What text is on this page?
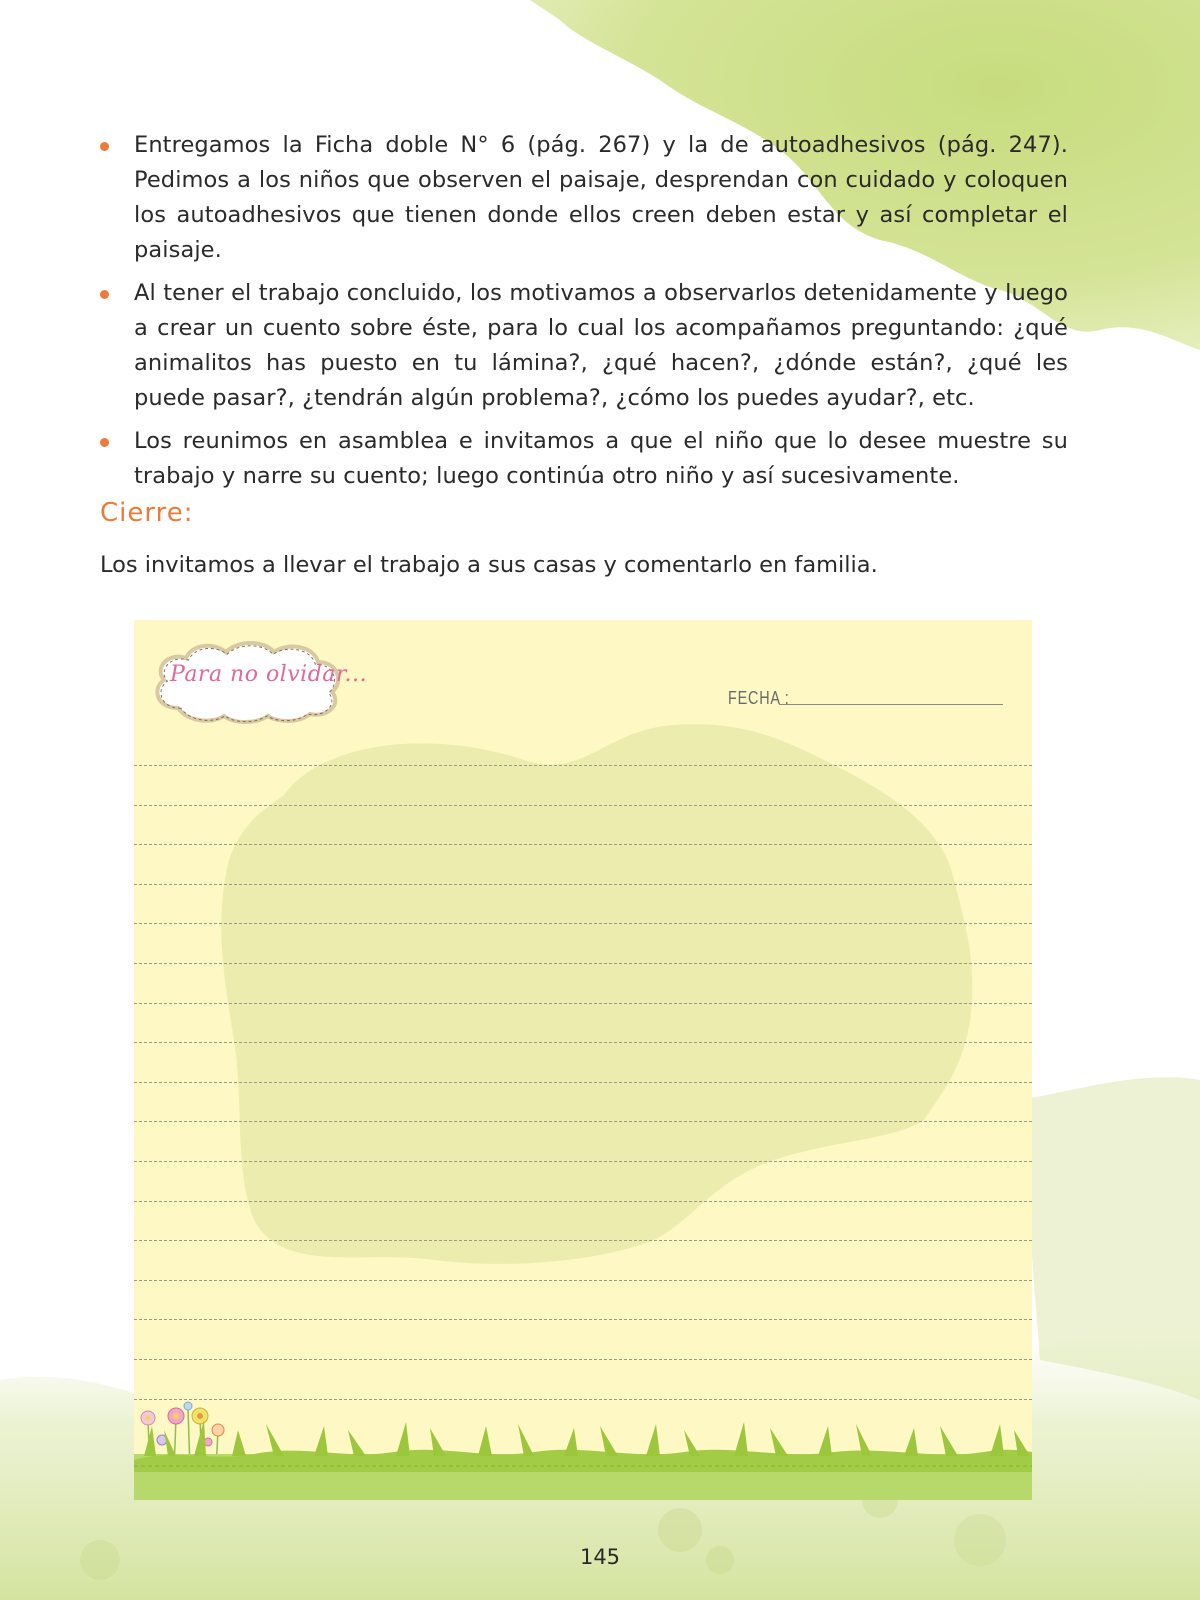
Entregamos la Ficha doble N° 6 (pág. 267) y la de autoadhesivos (pág. 247). Pedimos a los niños que observen el paisaje, desprendan con cuidado y coloquen los autoadhesivos que tienen donde ellos creen deben estar y así completar el paisaje.
Al tener el trabajo concluido, los motivamos a observarlos detenidamente y luego a crear un cuento sobre éste, para lo cual los acompañamos preguntando: ¿qué animalitos has puesto en tu lámina?, ¿qué hacen?, ¿dónde están?, ¿qué les puede pasar?, ¿tendrán algún problema?, ¿cómo los puedes ayudar?, etc.
Los reunimos en asamblea e invitamos a que el niño que lo desee muestre su trabajo y narre su cuento; luego continúa otro niño y así sucesivamente.
Cierre:
Los invitamos a llevar el trabajo a sus casas y comentarlo en familia.
Para no olvidar...
FECHA :
145
